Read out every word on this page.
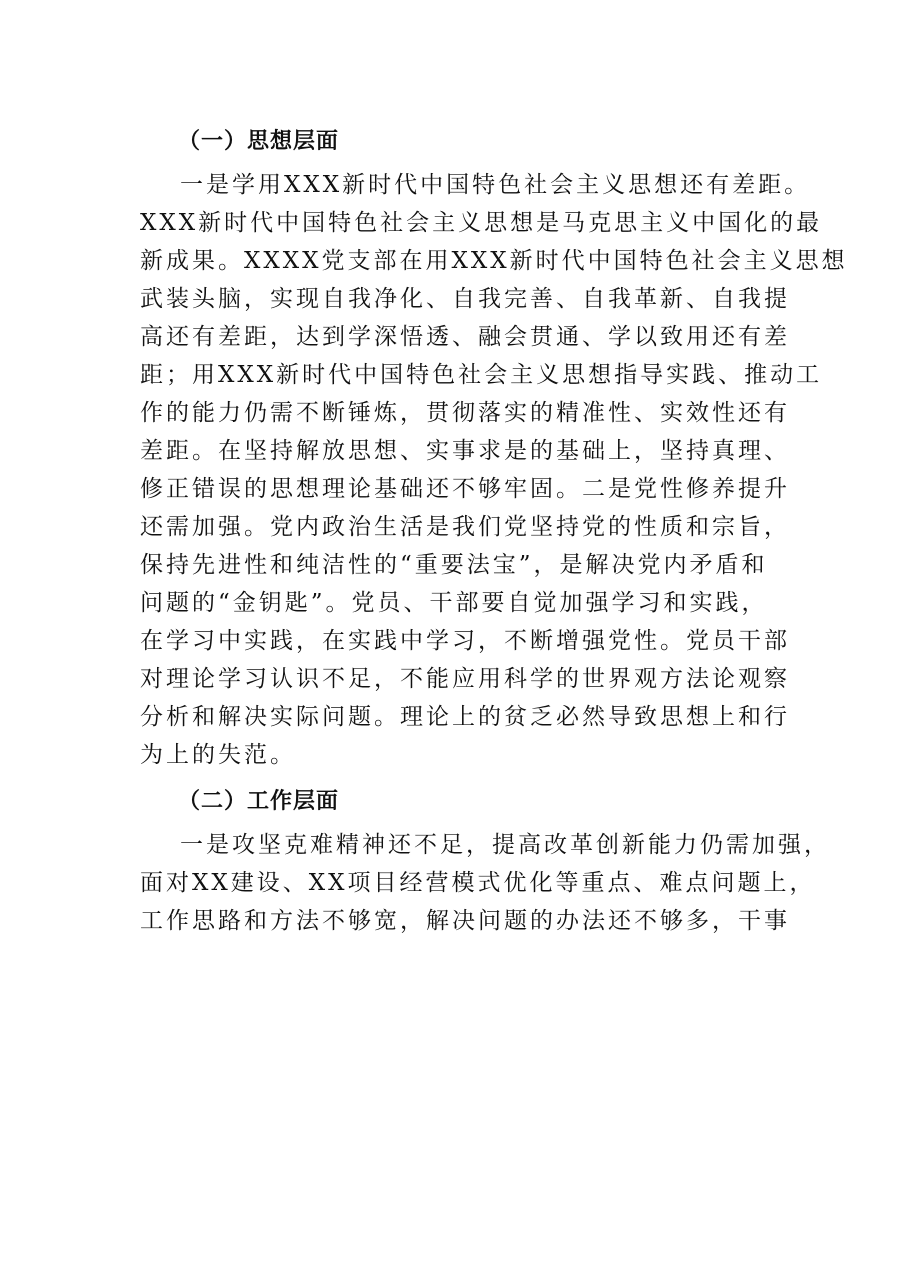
（一）思想层面
一是学用XXX新时代中国特色社会主义思想还有差距。
XXX新时代中国特色社会主义思想是马克思主义中国化的最
新成果。XXXX党支部在用XXX新时代中国特色社会主义思想
武装头脑，实现自我净化、自我完善、自我革新、自我提
高还有差距，达到学深悟透、融会贯通、学以致用还有差
距；用XXX新时代中国特色社会主义思想指导实践、推动工
作的能力仍需不断锤炼，贯彻落实的精准性、实效性还有
差距。在坚持解放思想、实事求是的基础上，坚持真理、
修正错误的思想理论基础还不够牢固。二是党性修养提升
还需加强。党内政治生活是我们党坚持党的性质和宗旨，
保持先进性和纯洁性的“重要法宝”，是解决党内矛盾和
问题的“金钥匙”。党员、干部要自觉加强学习和实践，
在学习中实践，在实践中学习，不断增强党性。党员干部
对理论学习认识不足，不能应用科学的世界观方法论观察
分析和解决实际问题。理论上的贫乏必然导致思想上和行
为上的失范。
（二）工作层面
一是攻坚克难精神还不足，提高改革创新能力仍需加强，
面对XX建设、XX项目经营模式优化等重点、难点问题上，
工作思路和方法不够宽，解决问题的办法还不够多，干事
